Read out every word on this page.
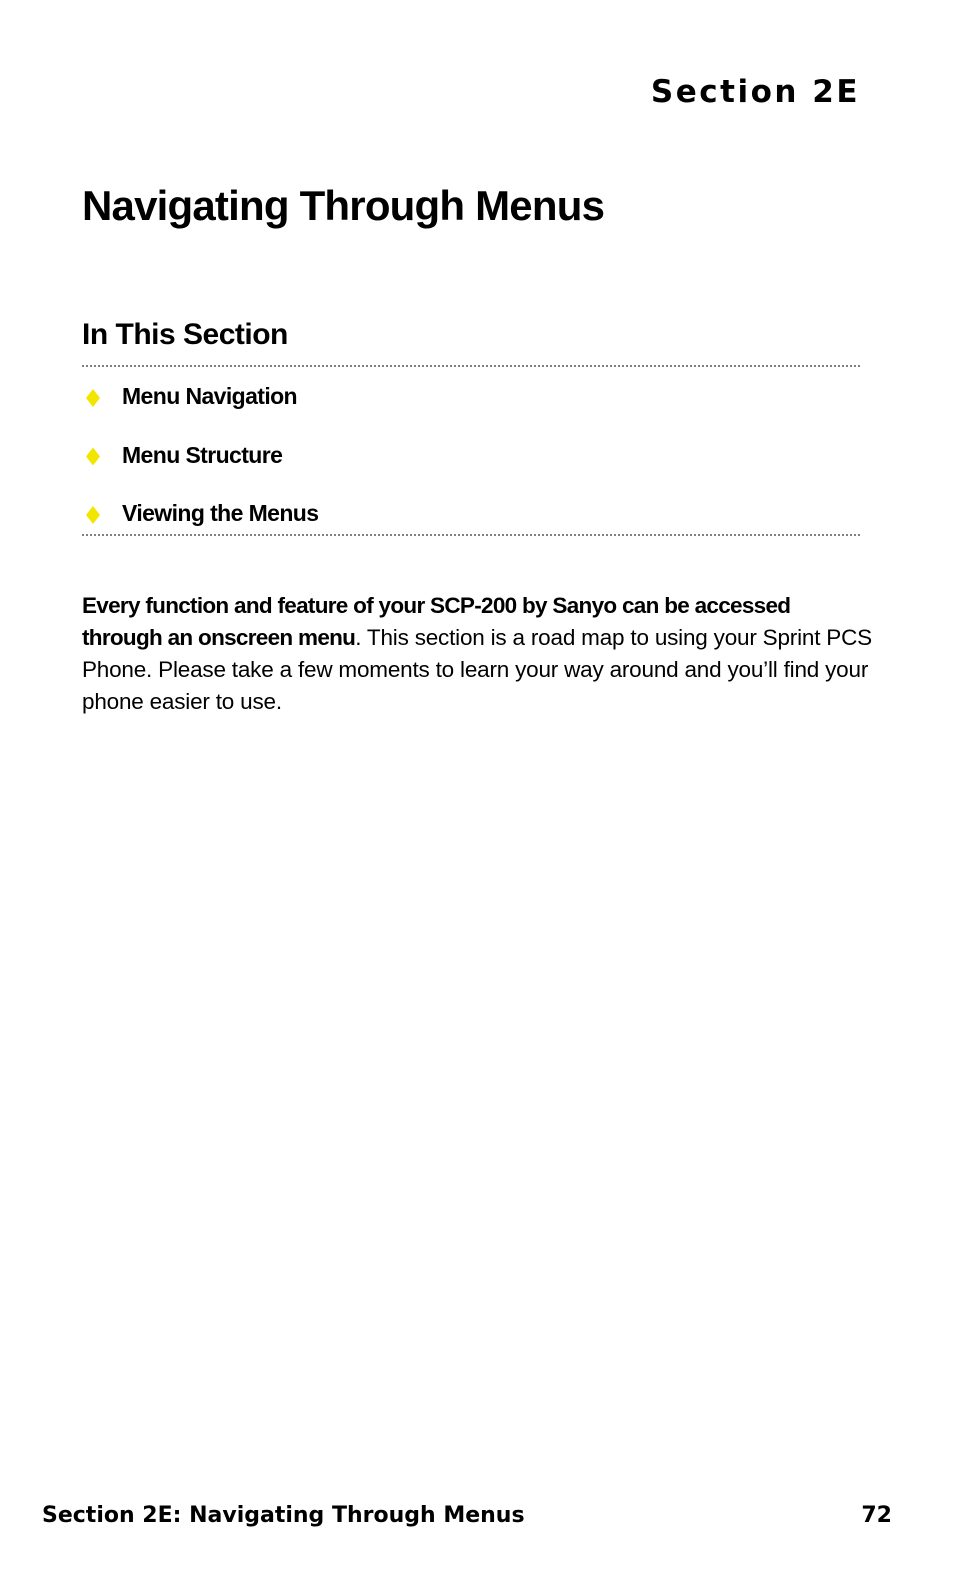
Section 2E
Navigating Through Menus
In This Section
Menu Navigation
Menu Structure
Viewing the Menus

Every function and feature of your SCP-200 by Sanyo can be accessed through an onscreen menu. This section is a road map to using your Sprint PCS Phone. Please take a few moments to learn your way around and you’ll find your phone easier to use.

Section 2E: Navigating Through Menus	72
